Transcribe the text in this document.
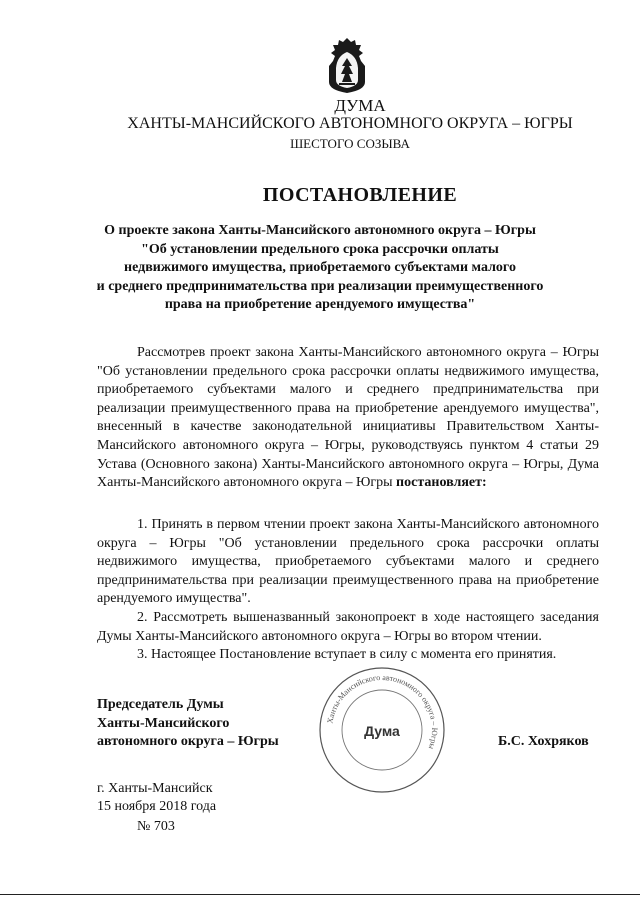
ДУМА
ХАНТЫ-МАНСИЙСКОГО АВТОНОМНОГО ОКРУГА – ЮГРЫ
ШЕСТОГО СОЗЫВА
ПОСТАНОВЛЕНИЕ
О проекте закона Ханты-Мансийского автономного округа – Югры
"Об установлении предельного срока рассрочки оплаты
недвижимого имущества, приобретаемого субъектами малого
и среднего предпринимательства при реализации преимущественного
права на приобретение арендуемого имущества"

Рассмотрев проект закона Ханты-Мансийского автономного округа – Югры "Об установлении предельного срока рассрочки оплаты недвижимого имущества, приобретаемого субъектами малого и среднего предпринимательства при реализации преимущественного права на приобретение арендуемого имущества", внесенный в качестве законодательной инициативы Правительством Ханты-Мансийского автономного округа – Югры, руководствуясь пунктом 4 статьи 29 Устава (Основного закона) Ханты-Мансийского автономного округа – Югры, Дума Ханты-Мансийского автономного округа – Югры постановляет:

1. Принять в первом чтении проект закона Ханты-Мансийского автономного округа – Югры "Об установлении предельного срока рассрочки оплаты недвижимого имущества, приобретаемого субъектами малого и среднего предпринимательства при реализации преимущественного права на приобретение арендуемого имущества".

2. Рассмотреть вышеназванный законопроект в ходе настоящего заседания Думы Ханты-Мансийского автономного округа – Югры во втором чтении.

3. Настоящее Постановление вступает в силу с момента его принятия.

Председатель Думы
Ханты-Мансийского
автономного округа – Югры
Ханты-Мансийского автономного округа – Югры
Дума
Б.С. Хохряков
г. Ханты-Мансийск
15 ноября 2018 года
№ 703
